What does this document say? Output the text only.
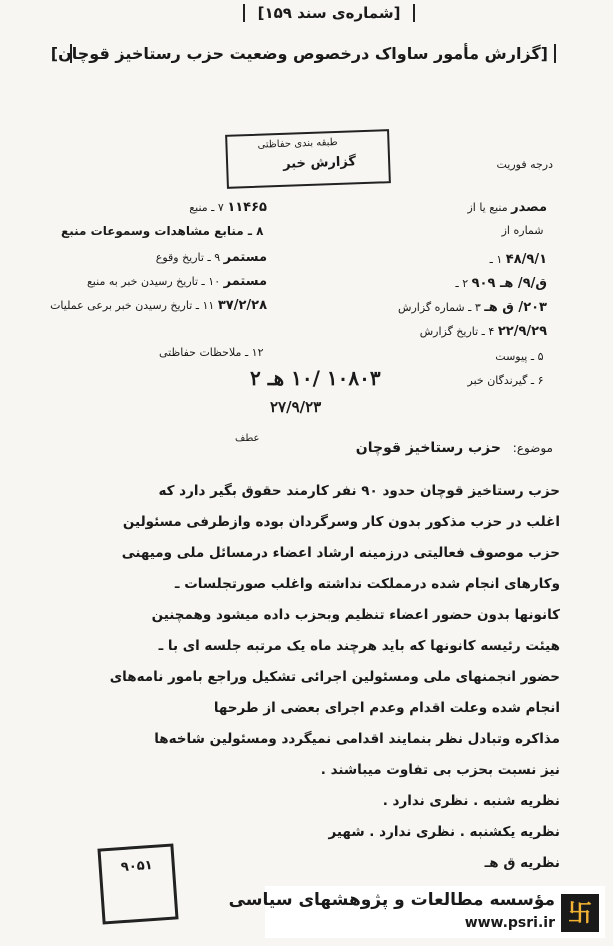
[شماره‌ی سند ۱۵۹]
[گزارش مأمور ساواک درخصوص وضعیت حزب رستاخیز قوچان]
طبقه بندی حفاظتی
گزارش خبر	درجه فوریت
منبع یا از مصدر
شماره از
۱ ـ ۴۸/۹/۱
۲ ـ ق/۹/ هـ ۹۰۹
۳ ـ شماره گزارش ۲۰۳/ ق هـ
۴ ـ تاریخ گزارش ۲۲/۹/۲۹
۵ ـ پیوست
۶ ـ گیرندگان خبر
۷ ـ منبع ۱۱۴۶۵
۸ ـ منابع مشاهدات وسموعات منبع
۹ ـ تاریخ وقوع مستمر
۱۰ ـ تاریخ رسیدن خبر به منبع مستمر
۱۱ ـ تاریخ رسیدن خبر برعی عملیات ۳۷/۲/۲۸
۱۲ ـ ملاحظات حفاظتی
۱۰۸۰۳ /۱۰ هـ ۲
۲۷/۹/۲۳
موضوع: حزب رستاخیز قوچان
عطف
حزب رستاخیز قوچان حدود ۹۰ نفر کارمند حقوق بگیر دارد که
اغلب در حزب مذکور بدون کار وسرگردان بوده وازطرفی مسئولین
حزب موصوف فعالیتی درزمینه ارشاد اعضاء درمسائل ملی ومیهنی
وکارهای انجام شده درمملکت نداشته واغلب صورتجلسات ـ
کانونها بدون حضور اعضاء تنظیم وبحزب داده میشود وهمچنین
هیئت رئیسه کانونها که باید هرچند ماه یک مرتبه جلسه ای با ـ
حضور انجمنهای ملی ومسئولین اجرائی تشکیل وراجع بامور نامه‌های
انجام شده وعلت اقدام وعدم اجرای بعضی از طرحها
مذاکره وتبادل نظر بنمایند اقدامی نمیگردد ومسئولین شاخه‌ها
نیز نسبت بحزب بی تفاوت میباشند .
نظریه شنبه . نظری ندارد .
نظریه یکشنبه . نظری ندارد . شهیر
نظریه ق هـ
۹۰۵۱
卐
مؤسسه مطالعات و پژوهشهای سیاسی
www.psri.ir
